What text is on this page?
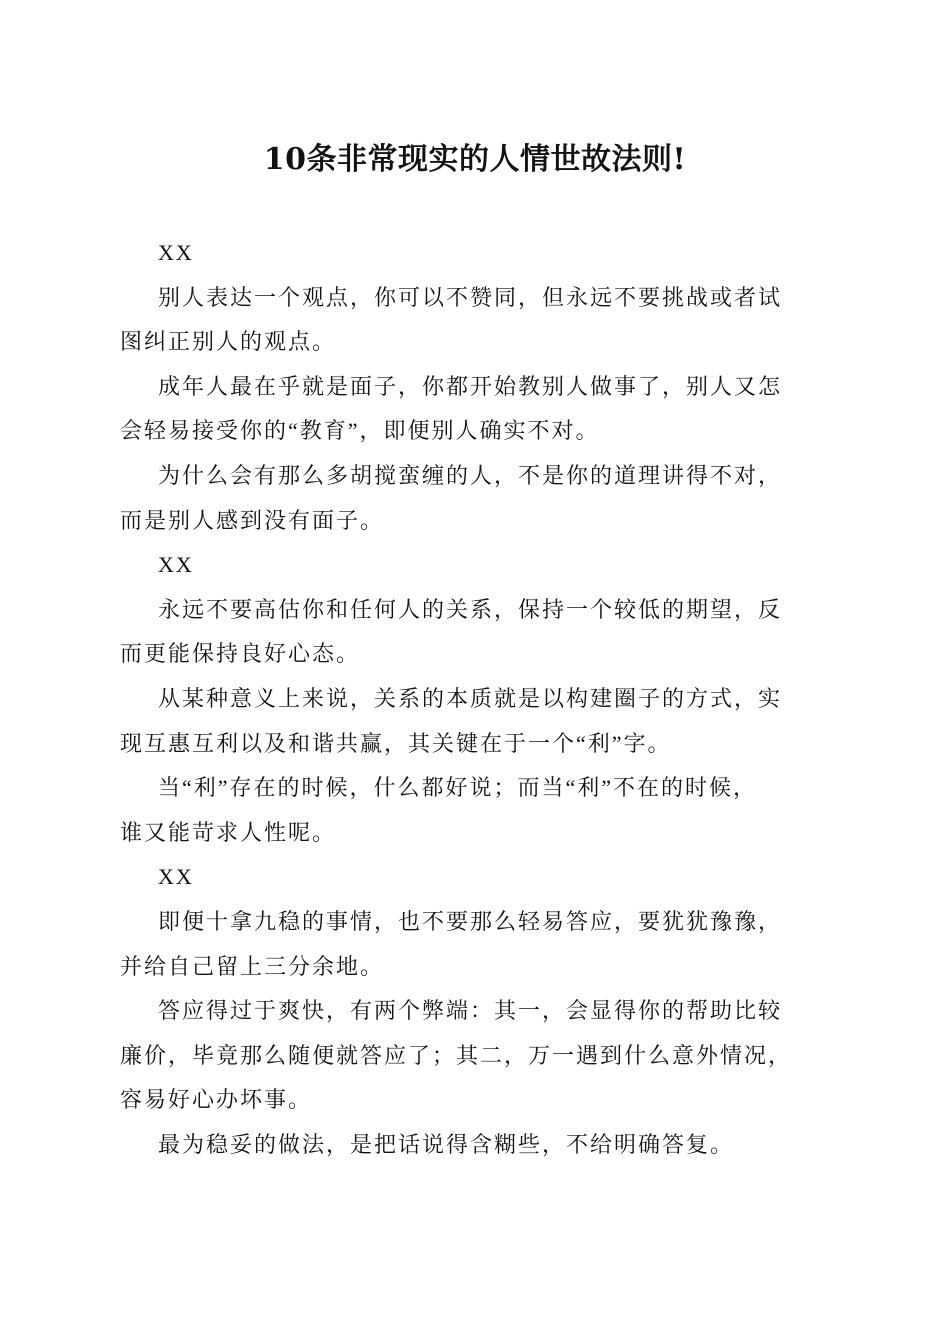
10条非常现实的人情世故法则!
XX
别人表达一个观点，你可以不赞同，但永远不要挑战或者试
图纠正别人的观点。
成年人最在乎就是面子，你都开始教别人做事了，别人又怎
会轻易接受你的“教育”，即便别人确实不对。
为什么会有那么多胡搅蛮缠的人，不是你的道理讲得不对，
而是别人感到没有面子。
XX
永远不要高估你和任何人的关系，保持一个较低的期望，反
而更能保持良好心态。
从某种意义上来说，关系的本质就是以构建圈子的方式，实
现互惠互利以及和谐共赢，其关键在于一个“利”字。
当“利”存在的时候，什么都好说；而当“利”不在的时候，
谁又能苛求人性呢。
XX
即便十拿九稳的事情，也不要那么轻易答应，要犹犹豫豫，
并给自己留上三分余地。
答应得过于爽快，有两个弊端：其一，会显得你的帮助比较
廉价，毕竟那么随便就答应了；其二，万一遇到什么意外情况，
容易好心办坏事。
最为稳妥的做法，是把话说得含糊些，不给明确答复。
